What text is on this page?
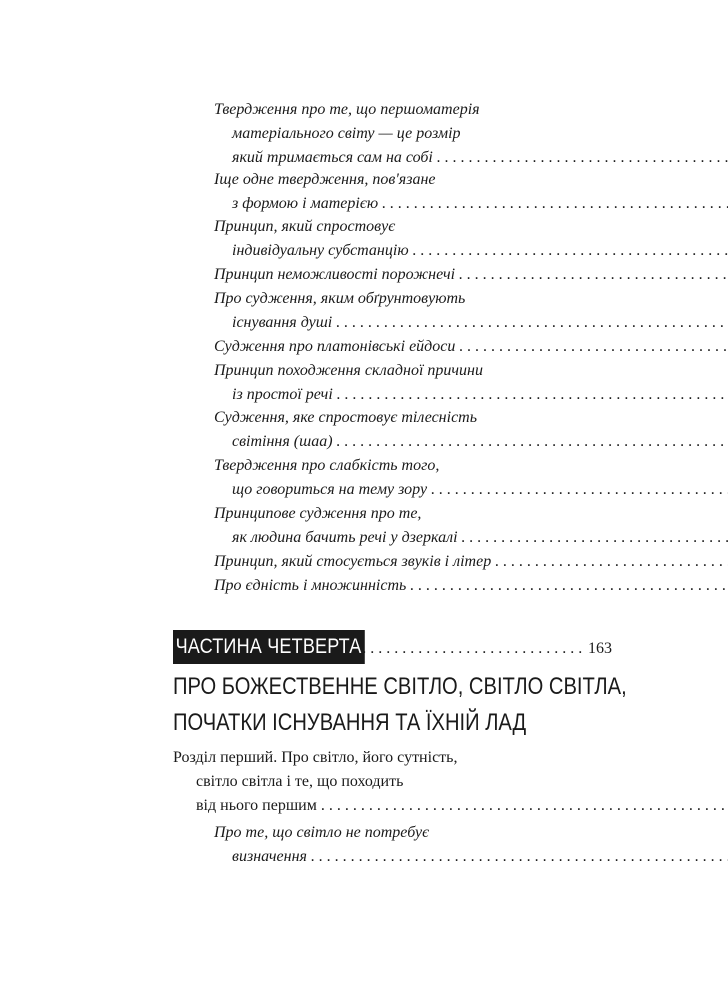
Твердження про те, що першоматерія
матеріального світу — це розмір
який тримається сам на собі
. . .
Іще одне твердження, пов'язане
з формою і матерією
. . .
Принцип, який спростовує
індивідуальну субстанцію
. . .
Принцип неможливості порожнечі
. . .
Про судження, яким обґрунтовують
існування душі
. . .
Судження про платонівські ейдоси
. . .
Принцип походження складної причини
із простої речі
. . .
Судження, яке спростовує тілесність
світіння (шаа)
. . .
Твердження про слабкість того,
що говориться на тему зору
. . .
Принципове судження про те,
як людина бачить речі у дзеркалі
. . .
Принцип, який стосується звуків і літер
. . .
Про єдність і множинність
. . .
ЧАСТИНА ЧЕТВЕРТА
. . .	163
ПРО БОЖЕСТВЕННЕ СВІТЛО, СВІТЛО СВІТЛА,
ПОЧАТКИ ІСНУВАННЯ ТА ЇХНІЙ ЛАД
Розділ перший. Про світло, його сутність,
світло світла і те, що походить
від нього першим
. . .
Про те, що світло не потребує
визначення
. . .
